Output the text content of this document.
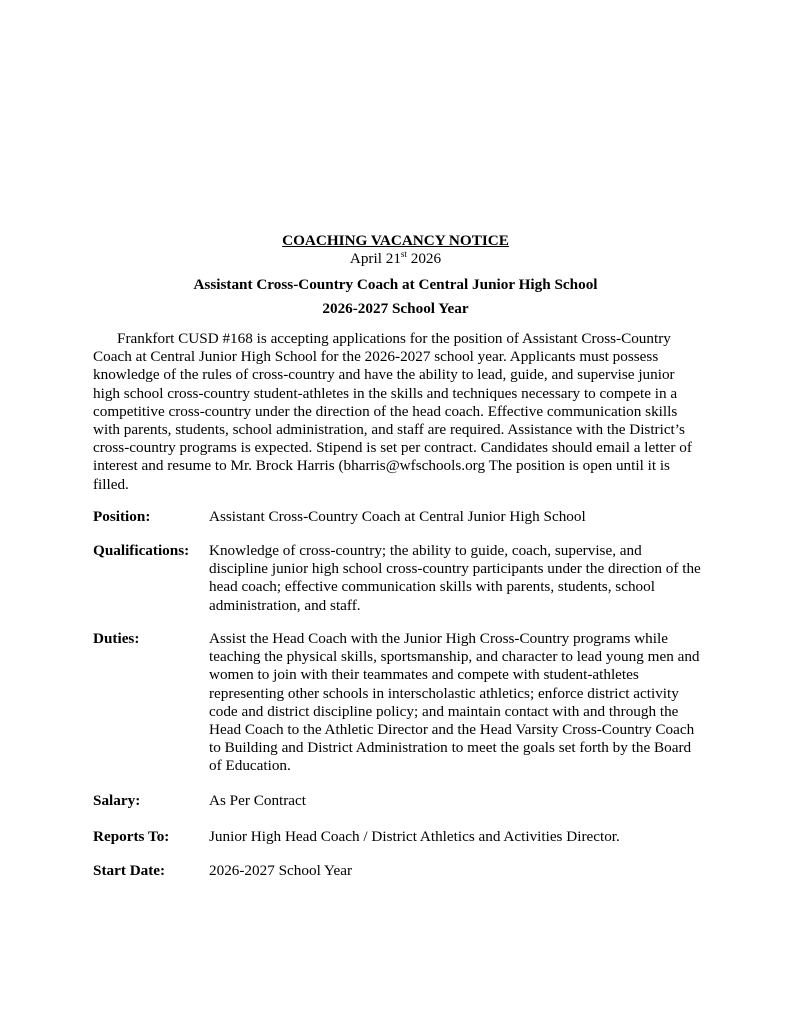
COACHING VACANCY NOTICE
April 21st 2026
Assistant Cross-Country Coach at Central Junior High School
2026-2027 School Year

Frankfort CUSD #168 is accepting applications for the position of Assistant Cross-Country Coach at Central Junior High School for the 2026-2027 school year. Applicants must possess knowledge of the rules of cross-country and have the ability to lead, guide, and supervise junior high school cross-country student-athletes in the skills and techniques necessary to compete in a competitive cross-country under the direction of the head coach. Effective communication skills with parents, students, school administration, and staff are required. Assistance with the District’s cross-country programs is expected. Stipend is set per contract. Candidates should email a letter of interest and resume to Mr. Brock Harris (bharris@wfschools.org The position is open until it is filled.

Position:	Assistant Cross-Country Coach at Central Junior High School
Qualifications: Knowledge of cross-country; the ability to guide, coach, supervise, and discipline junior high school cross-country participants under the direction of the head coach; effective communication skills with parents, students, school administration, and staff.
Duties:	Assist the Head Coach with the Junior High Cross-Country programs while teaching the physical skills, sportsmanship, and character to lead young men and women to join with their teammates and compete with student-athletes representing other schools in interscholastic athletics; enforce district activity code and district discipline policy; and maintain contact with and through the Head Coach to the Athletic Director and the Head Varsity Cross-Country Coach to Building and District Administration to meet the goals set forth by the Board of Education.
Salary:	As Per Contract
Reports To:	Junior High Head Coach / District Athletics and Activities Director.
Start Date:	2026-2027 School Year
